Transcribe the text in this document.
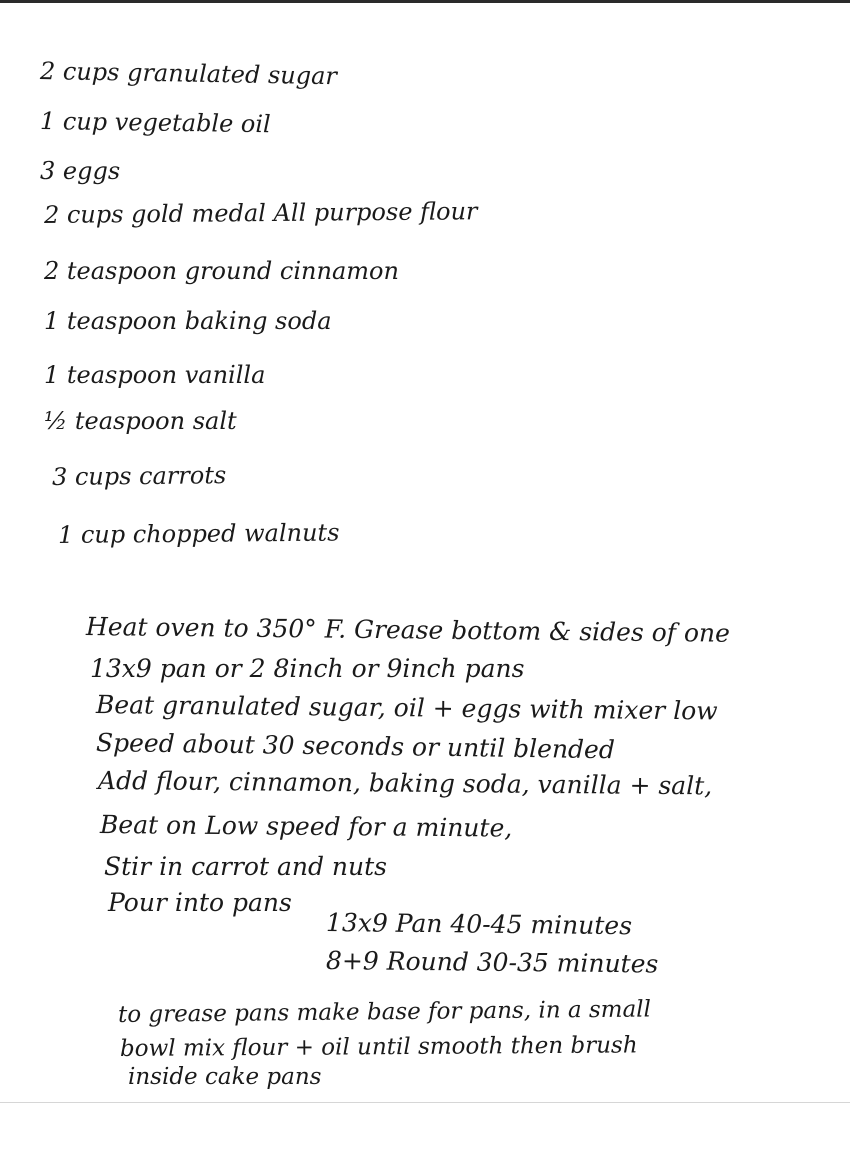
2 cups granulated sugar
1 cup vegetable oil
3 eggs
2 cups gold medal All purpose flour
2 teaspoon ground cinnamon
1 teaspoon baking soda
1 teaspoon vanilla
½ teaspoon salt
3 cups carrots
1 cup chopped walnuts
Heat oven to 350° F. Grease bottom & sides of one
13x9 pan or 2 8inch or 9inch pans
Beat granulated sugar, oil + eggs with mixer low
Speed about 30 seconds or until blended
Add flour, cinnamon, baking soda, vanilla + salt,
Beat on Low speed for a minute,
Stir in carrot and nuts
Pour into pans
13x9 Pan 40-45 minutes
8+9 Round 30-35 minutes
to grease pans make base for pans, in a small
bowl mix flour + oil until smooth then brush
inside cake pans
